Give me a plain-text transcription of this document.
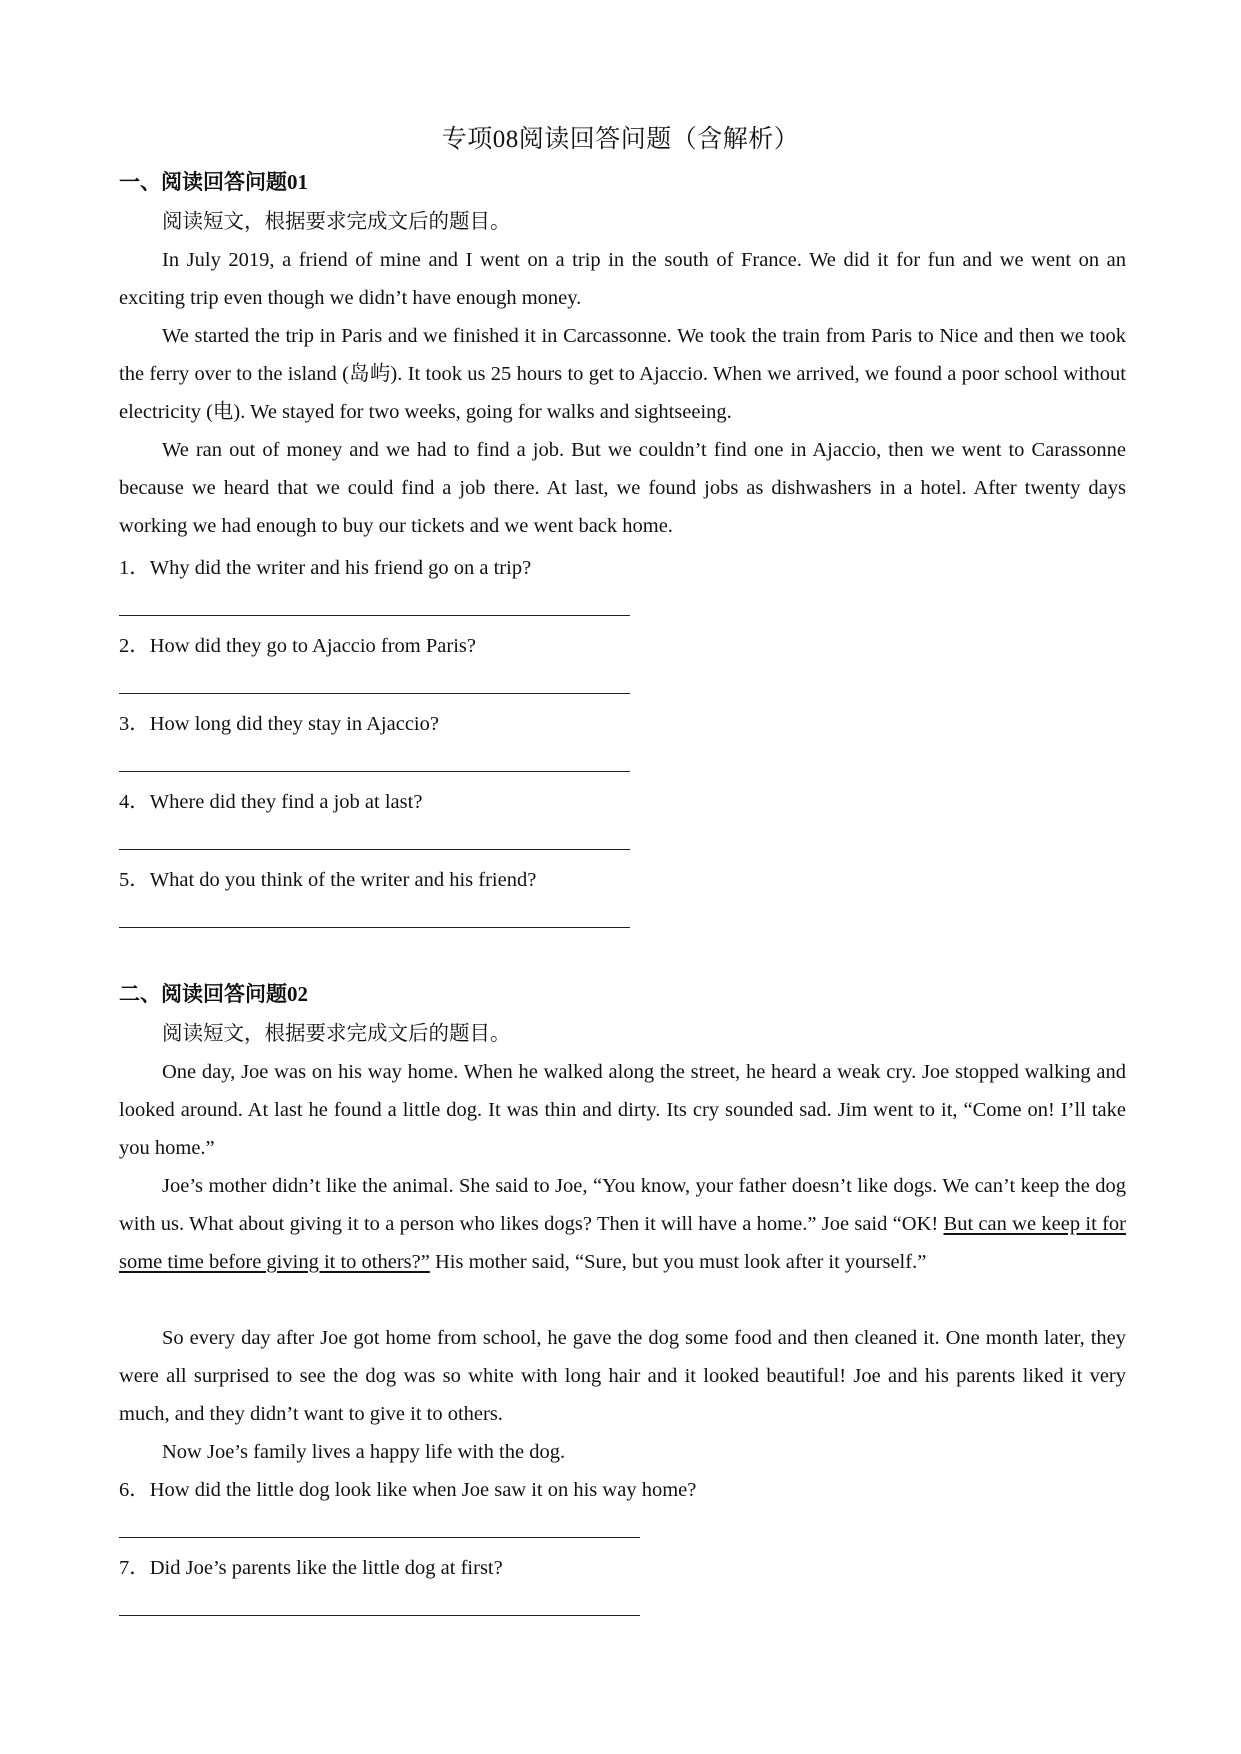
专项08阅读回答问题（含解析）
一、阅读回答问题01

阅读短文，根据要求完成文后的题目。

In July 2019, a friend of mine and I went on a trip in the south of France. We did it for fun and we went on an exciting trip even though we didn’t have enough money.

We started the trip in Paris and we finished it in Carcassonne. We took the train from Paris to Nice and then we took the ferry over to the island (岛屿). It took us 25 hours to get to Ajaccio. When we arrived, we found a poor school without electricity (电). We stayed for two weeks, going for walks and sightseeing.

We ran out of money and we had to find a job. But we couldn’t find one in Ajaccio, then we went to Carassonne because we heard that we could find a job there. At last, we found jobs as dishwashers in a hotel. After twenty days working we had enough to buy our tickets and we went back home.

1．Why did the writer and his friend go on a trip?
2．How did they go to Ajaccio from Paris?
3．How long did they stay in Ajaccio?
4．Where did they find a job at last?
5．What do you think of the writer and his friend?
二、阅读回答问题02

阅读短文，根据要求完成文后的题目。

One day, Joe was on his way home. When he walked along the street, he heard a weak cry. Joe stopped walking and looked around. At last he found a little dog. It was thin and dirty. Its cry sounded sad. Jim went to it, “Come on! I’ll take you home.”

Joe’s mother didn’t like the animal. She said to Joe, “You know, your father doesn’t like dogs. We can’t keep the dog with us. What about giving it to a person who likes dogs? Then it will have a home.” Joe said “OK! But can we keep it for some time before giving it to others?” His mother said, “Sure, but you must look after it yourself.”

So every day after Joe got home from school, he gave the dog some food and then cleaned it. One month later, they were all surprised to see the dog was so white with long hair and it looked beautiful! Joe and his parents liked it very much, and they didn’t want to give it to others.

Now Joe’s family lives a happy life with the dog.

6．How did the little dog look like when Joe saw it on his way home?
7．Did Joe’s parents like the little dog at first?
